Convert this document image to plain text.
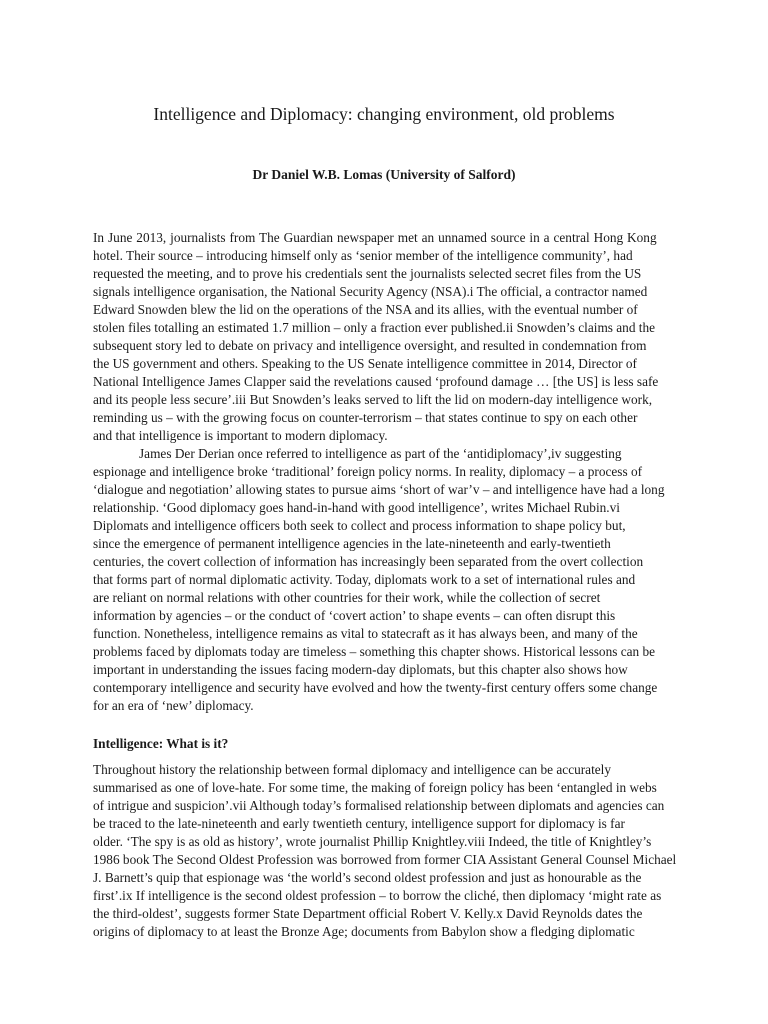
Intelligence and Diplomacy: changing environment, old problems
Dr Daniel W.B. Lomas (University of Salford)
In June 2013, journalists from The Guardian newspaper met an unnamed source in a central Hong Kong
hotel. Their source – introducing himself only as ‘senior member of the intelligence community’, had
requested the meeting, and to prove his credentials sent the journalists selected secret files from the US
signals intelligence organisation, the National Security Agency (NSA).i The official, a contractor named
Edward Snowden blew the lid on the operations of the NSA and its allies, with the eventual number of
stolen files totalling an estimated 1.7 million – only a fraction ever published.ii Snowden’s claims and the
subsequent story led to debate on privacy and intelligence oversight, and resulted in condemnation from
the US government and others. Speaking to the US Senate intelligence committee in 2014, Director of
National Intelligence James Clapper said the revelations caused ‘profound damage … [the US] is less safe
and its people less secure’.iii But Snowden’s leaks served to lift the lid on modern-day intelligence work,
reminding us – with the growing focus on counter-terrorism – that states continue to spy on each other
and that intelligence is important to modern diplomacy.
James Der Derian once referred to intelligence as part of the ‘antidiplomacy’,iv suggesting
espionage and intelligence broke ‘traditional’ foreign policy norms. In reality, diplomacy – a process of
‘dialogue and negotiation’ allowing states to pursue aims ‘short of war’v – and intelligence have had a long
relationship. ‘Good diplomacy goes hand-in-hand with good intelligence’, writes Michael Rubin.vi
Diplomats and intelligence officers both seek to collect and process information to shape policy but,
since the emergence of permanent intelligence agencies in the late-nineteenth and early-twentieth
centuries, the covert collection of information has increasingly been separated from the overt collection
that forms part of normal diplomatic activity. Today, diplomats work to a set of international rules and
are reliant on normal relations with other countries for their work, while the collection of secret
information by agencies – or the conduct of ‘covert action’ to shape events – can often disrupt this
function. Nonetheless, intelligence remains as vital to statecraft as it has always been, and many of the
problems faced by diplomats today are timeless – something this chapter shows. Historical lessons can be
important in understanding the issues facing modern-day diplomats, but this chapter also shows how
contemporary intelligence and security have evolved and how the twenty-first century offers some change
for an era of ‘new’ diplomacy.
Intelligence: What is it?
Throughout history the relationship between formal diplomacy and intelligence can be accurately
summarised as one of love-hate. For some time, the making of foreign policy has been ‘entangled in webs
of intrigue and suspicion’.vii Although today’s formalised relationship between diplomats and agencies can
be traced to the late-nineteenth and early twentieth century, intelligence support for diplomacy is far
older. ‘The spy is as old as history’, wrote journalist Phillip Knightley.viii Indeed, the title of Knightley’s
1986 book The Second Oldest Profession was borrowed from former CIA Assistant General Counsel Michael
J. Barnett’s quip that espionage was ‘the world’s second oldest profession and just as honourable as the
first’.ix If intelligence is the second oldest profession – to borrow the cliché, then diplomacy ‘might rate as
the third-oldest’, suggests former State Department official Robert V. Kelly.x David Reynolds dates the
origins of diplomacy to at least the Bronze Age; documents from Babylon show a fledging diplomatic
